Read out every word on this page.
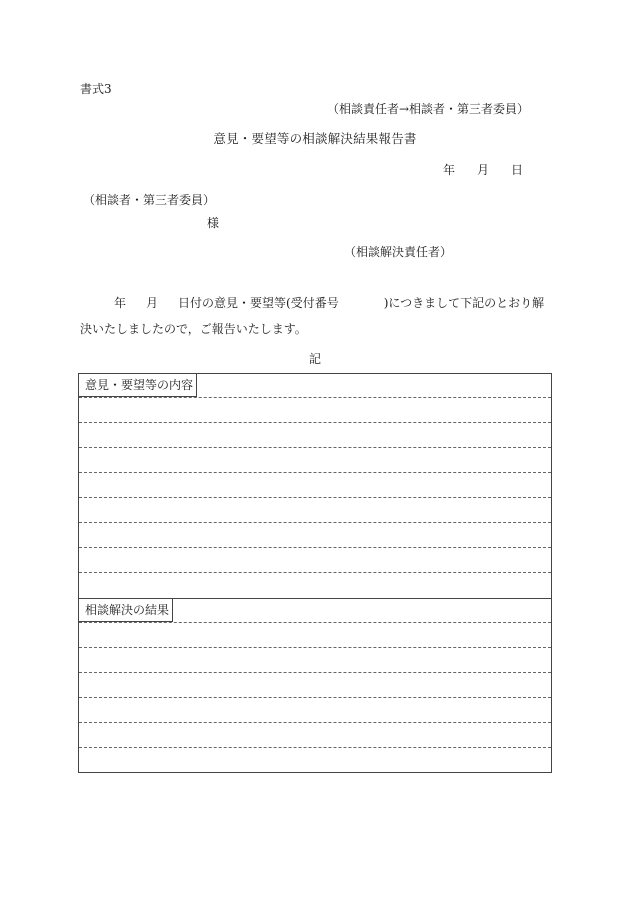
書式3
（相談責任者→相談者・第三者委員）
意見・要望等の相談解決結果報告書
年 月 日
（相談者・第三者委員）
様
（相談解決責任者）
年 月 日付の意見・要望等(受付番号	)につきまして下記のとおり解
決いたしましたので，ご報告いたします。
記
意見・要望等の内容
相談解決の結果
